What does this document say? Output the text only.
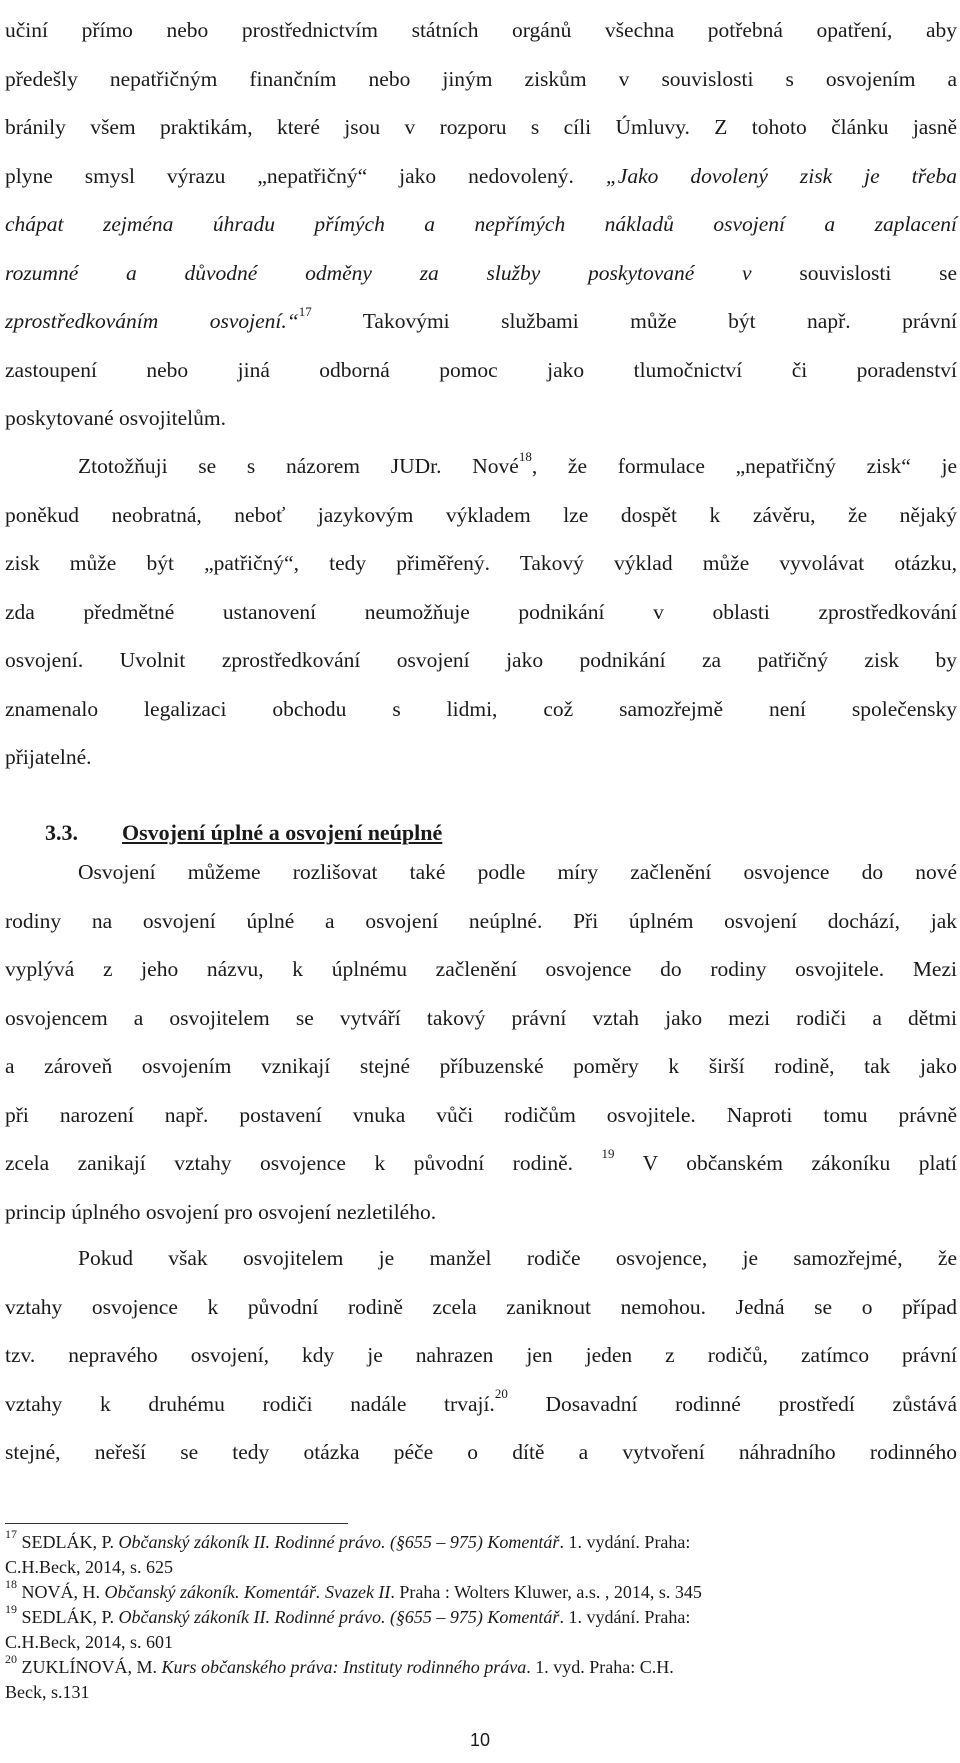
učiní přímo nebo prostřednictvím státních orgánů všechna potřebná opatření, aby
předešly nepatřičným finančním nebo jiným ziskům v souvislosti s osvojením a
bránily všem praktikám, které jsou v rozporu s cíli Úmluvy. Z tohoto článku jasně
plyne smysl výrazu „nepatřičný“ jako nedovolený. „Jako dovolený zisk je třeba
chápat zejména úhradu přímých a nepřímých nákladů osvojení a zaplacení
rozumné a důvodné odměny za služby poskytované v souvislosti se
zprostředkováním osvojení.“$^{17}$ Takovými službami může být např. právní
zastoupení nebo jiná odborná pomoc jako tlumočnictví či poradenství
poskytované osvojitelům.
Ztotožňuji se s názorem JUDr. Nové$^{18}$, že formulace „nepatřičný zisk“ je
poněkud neobratná, neboť jazykovým výkladem lze dospět k závěru, že nějaký
zisk může být „patřičný“, tedy přiměřený. Takový výklad může vyvolávat otázku,
zda předmětné ustanovení neumožňuje podnikání v oblasti zprostředkování
osvojení. Uvolnit zprostředkování osvojení jako podnikání za patřičný zisk by
znamenalo legalizaci obchodu s lidmi, což samozřejmě není společensky
přijatelné.
3.3. Osvojení úplné a osvojení neúplné
Osvojení můžeme rozlišovat také podle míry začlenění osvojence do nové
rodiny na osvojení úplné a osvojení neúplné. Při úplném osvojení dochází, jak
vyplývá z jeho názvu, k úplnému začlenění osvojence do rodiny osvojitele. Mezi
osvojencem a osvojitelem se vytváří takový právní vztah jako mezi rodiči a dětmi
a zároveň osvojením vznikají stejné příbuzenské poměry k širší rodině, tak jako
při narození např. postavení vnuka vůči rodičům osvojitele. Naproti tomu právně
zcela zanikají vztahy osvojence k původní rodině. $^{19}$ V občanském zákoníku platí
princip úplného osvojení pro osvojení nezletilého.
Pokud však osvojitelem je manžel rodiče osvojence, je samozřejmé, že
vztahy osvojence k původní rodině zcela zaniknout nemohou. Jedná se o případ
tzv. nepravého osvojení, kdy je nahrazen jen jeden z rodičů, zatímco právní
vztahy k druhému rodiči nadále trvají.$^{20}$ Dosavadní rodinné prostředí zůstává
stejné, neřeší se tedy otázka péče o dítě a vytvoření náhradního rodinného
$^{17}$ SEDLÁK, P. Občanský zákoník II. Rodinné právo. (§655 – 975) Komentář. 1. vydání. Praha:
C.H.Beck, 2014, s. 625
$^{18}$ NOVÁ, H. Občanský zákoník. Komentář. Svazek II. Praha : Wolters Kluwer, a.s. , 2014, s. 345
$^{19}$ SEDLÁK, P. Občanský zákoník II. Rodinné právo. (§655 – 975) Komentář. 1. vydání. Praha:
C.H.Beck, 2014, s. 601
$^{20}$ ZUKLÍNOVÁ, M. Kurs občanského práva: Instituty rodinného práva. 1. vyd. Praha: C.H.
Beck, s.131
10
